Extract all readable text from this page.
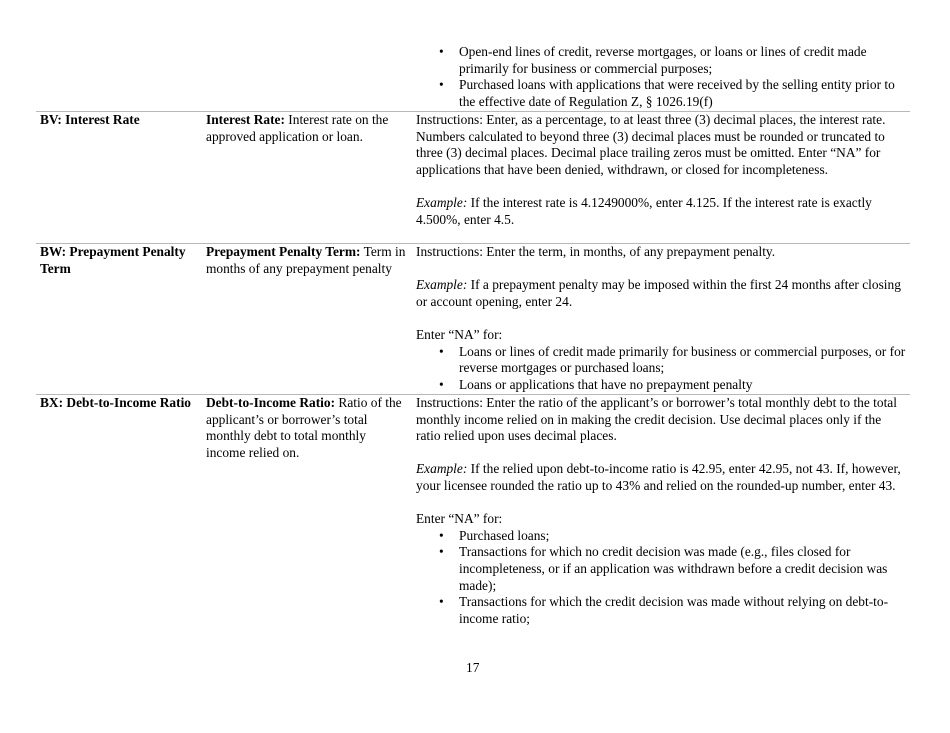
• Open-end lines of credit, reverse mortgages, or loans or lines of credit made primarily for business or commercial purposes;
• Purchased loans with applications that were received by the selling entity prior to the effective date of Regulation Z, § 1026.19(f)
BV: Interest Rate	Interest Rate: Interest rate on the approved application or loan.

Instructions: Enter, as a percentage, to at least three (3) decimal places, the interest rate. Numbers calculated to beyond three (3) decimal places must be rounded or truncated to three (3) decimal places. Decimal place trailing zeros must be omitted. Enter “NA” for applications that have been denied, withdrawn, or closed for incompleteness.

Example: If the interest rate is 4.1249000%, enter 4.125. If the interest rate is exactly 4.500%, enter 4.5.

BW: Prepayment Penalty Term
Prepayment Penalty Term: Term in months of any prepayment penalty

Instructions: Enter the term, in months, of any prepayment penalty.

Example: If a prepayment penalty may be imposed within the first 24 months after closing or account opening, enter 24.

Enter “NA” for:

• Loans or lines of credit made primarily for business or commercial purposes, or for reverse mortgages or purchased loans;
• Loans or applications that have no prepayment penalty
BX: Debt-to-Income Ratio	Debt-to-Income Ratio: Ratio of the applicant’s or borrower’s total monthly debt to total monthly income relied on.

Instructions: Enter the ratio of the applicant’s or borrower’s total monthly debt to the total monthly income relied on in making the credit decision. Use decimal places only if the ratio relied upon uses decimal places.

Example: If the relied upon debt-to-income ratio is 42.95, enter 42.95, not 43. If, however, your licensee rounded the ratio up to 43% and relied on the rounded-up number, enter 43.

Enter “NA” for:

• Purchased loans;
• Transactions for which no credit decision was made (e.g., files closed for incompleteness, or if an application was withdrawn before a credit decision was made);
• Transactions for which the credit decision was made without relying on debt-to-income ratio;
17
